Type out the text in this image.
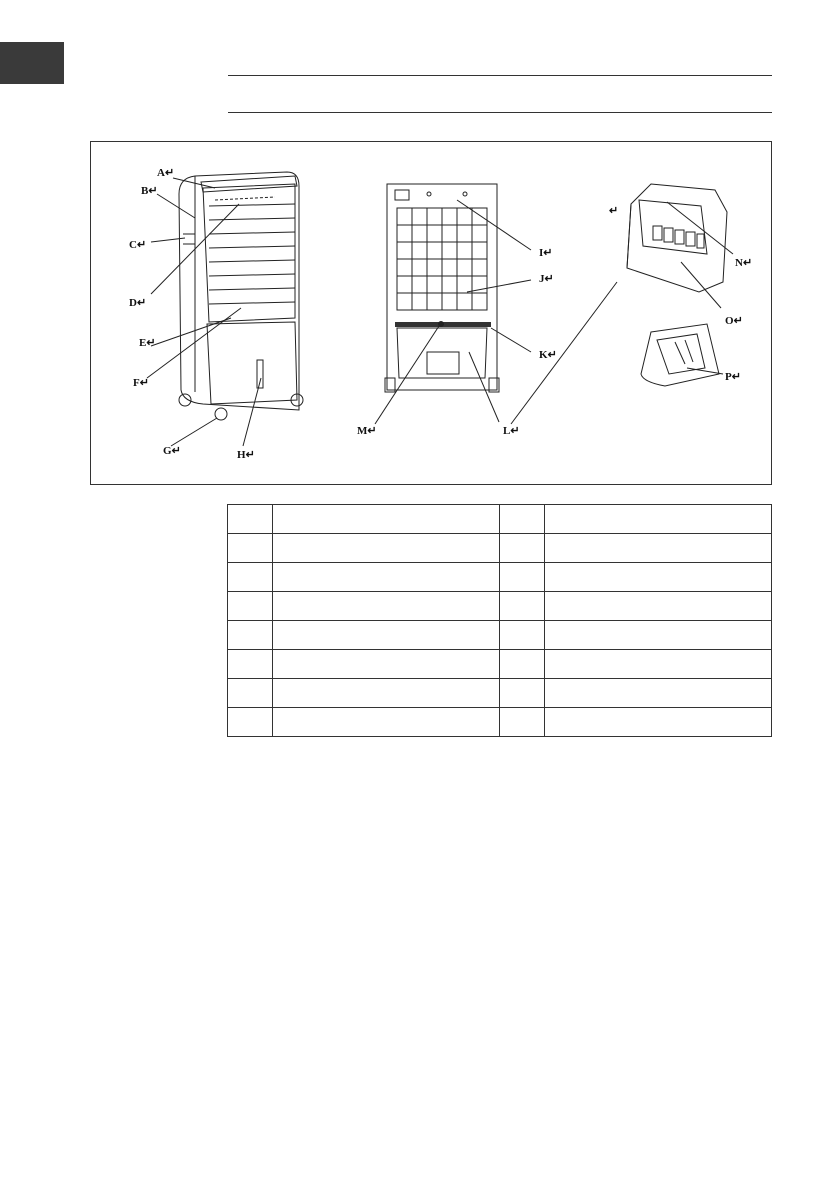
A↵
B↵
C↵
D↵
E↵
F↵
G↵	H↵
I↵
J↵
K↵
L↵
M↵
N↵
O↵
P↵
↵
